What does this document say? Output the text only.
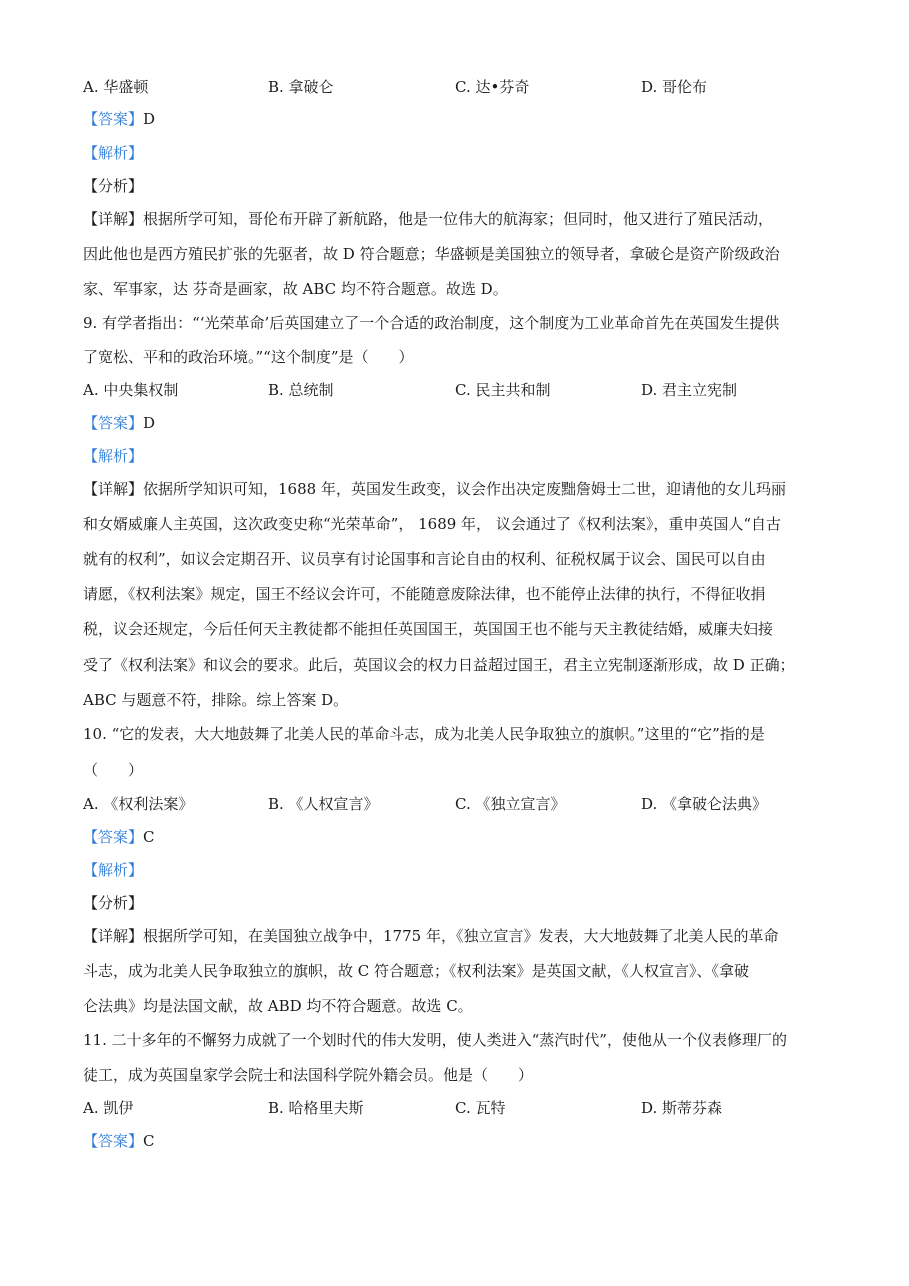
A. 华盛顿	B. 拿破仑	C. 达•芬奇	D. 哥伦布
【答案】D
【解析】
【分析】
【详解】根据所学可知，哥伦布开辟了新航路，他是一位伟大的航海家；但同时，他又进行了殖民活动，
因此他也是西方殖民扩张的先驱者，故 D 符合题意；华盛顿是美国独立的领导者，拿破仑是资产阶级政治
家、军事家，达 芬奇是画家，故 ABC 均不符合题意。故选 D。
9. 有学者指出：“‘光荣革命’后英国建立了一个合适的政治制度，这个制度为工业革命首先在英国发生提供
了宽松、平和的政治环境。”“这个制度”是（　　）
A. 中央集权制	B. 总统制	C. 民主共和制	D. 君主立宪制
【答案】D
【解析】
【详解】依据所学知识可知，1688 年，英国发生政变，议会作出决定废黜詹姆士二世，迎请他的女儿玛丽
和女婿威廉人主英国，这次政变史称“光荣革命”， 1689 年， 议会通过了《权利法案》，重申英国人“自古
就有的权利”，如议会定期召开、议员享有讨论国事和言论自由的权利、征税权属于议会、国民可以自由
请愿，《权利法案》规定，国王不经议会许可，不能随意废除法律，也不能停止法律的执行，不得征收捐
税，议会还规定，今后任何天主教徒都不能担任英国国王，英国国王也不能与天主教徒结婚，威廉夫妇接
受了《权利法案》和议会的要求。此后，英国议会的权力日益超过国王，君主立宪制逐渐形成，故 D 正确；
ABC 与题意不符，排除。综上答案 D。
10. “它的发表，大大地鼓舞了北美人民的革命斗志，成为北美人民争取独立的旗帜。”这里的“它”指的是
（　　）
A. 《权利法案》	B. 《人权宣言》	C. 《独立宣言》	D. 《拿破仑法典》
【答案】C
【解析】
【分析】
【详解】根据所学可知，在美国独立战争中，1775 年，《独立宣言》发表，大大地鼓舞了北美人民的革命
斗志，成为北美人民争取独立的旗帜，故 C 符合题意；《权利法案》是英国文献，《人权宣言》、《拿破
仑法典》均是法国文献，故 ABD 均不符合题意。故选 C。
11. 二十多年的不懈努力成就了一个划时代的伟大发明，使人类进入“蒸汽时代”，使他从一个仪表修理厂的
徒工，成为英国皇家学会院士和法国科学院外籍会员。他是（　　）
A. 凯伊	B. 哈格里夫斯	C. 瓦特	D. 斯蒂芬森
【答案】C
